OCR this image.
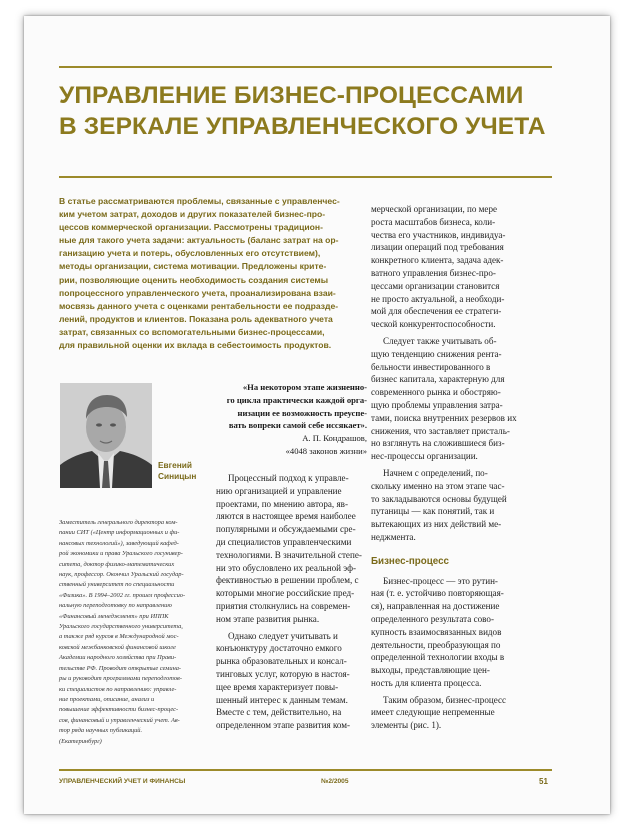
УПРАВЛЕНИЕ БИЗНЕС-ПРОЦЕССАМИ
В ЗЕРКАЛЕ УПРАВЛЕНЧЕСКОГО УЧЕТА
В статье рассматриваются проблемы, связанные с управленчес-
ким учетом затрат, доходов и других показателей бизнес-про-
цессов коммерческой организации. Рассмотрены традицион-
ные для такого учета задачи: актуальность (баланс затрат на ор-
ганизацию учета и потерь, обусловленных его отсутствием),
методы организации, система мотивации. Предложены крите-
рии, позволяющие оценить необходимость создания системы
попроцессного управленческого учета, проанализирована взаи-
мосвязь данного учета с оценками рентабельности ее подразде-
лений, продуктов и клиентов. Показана роль адекватного учета
затрат, связанных со вспомогательными бизнес-процессами,
для правильной оценки их вклада в себестоимость продуктов.
Евгений
Синицын
Заместитель генерального директора ком-
пании СИТ («Центр информационных и фи-
нансовых технологий»), заведующий кафед-
рой экономики и права Уральского госунивер-
ситета, доктор физико-математических
наук, профессор. Окончил Уральский государ-
ственный университет по специальности
«Физика». В 1994–2002 гг. прошел профессио-
нальную переподготовку по направлению
«Финансовый менеджмент» при ИППК
Уральского государственного университета,
а также ряд курсов в Международной мос-
ковской межбанковской финансовой школе
Академии народного хозяйства при Прави-
тельстве РФ. Проводит открытые семина-
ры и руководит программами переподготов-
ки специалистов по направлению: управле-
ние проектами, описание, анализ и
повышение эффективности бизнес-процес-
сов, финансовый и управленческий учет. Ав-
тор ряда научных публикаций.
(Екатеринбург)
«На некотором этапе жизненно-
го цикла практически каждой орга-
низации ее возможность преуспе-
вать вопреки самой себе иссякает».
А. П. Кондрашов,
«4048 законов жизни»
Процессный подход к управле-
нию организацией и управление
проектами, по мнению автора, яв-
ляются в настоящее время наиболее
популярными и обсуждаемыми сре-
ди специалистов управленческими
технологиями. В значительной степе-
ни это обусловлено их реальной эф-
фективностью в решении проблем, с
которыми многие российские пред-
приятия столкнулись на современ-
ном этапе развития рынка.
Однако следует учитывать и
конъюнктуру достаточно емкого
рынка образовательных и консал-
тинговых услуг, которую в настоя-
щее время характеризует повы-
шенный интерес к данным темам.
Вместе с тем, действительно, на
определенном этапе развития ком-
мерческой организации, по мере
роста масштабов бизнеса, коли-
чества его участников, индивидуа-
лизации операций под требования
конкретного клиента, задача адек-
ватного управления бизнес-про-
цессами организации становится
не просто актуальной, а необходи-
мой для обеспечения ее стратеги-
ческой конкурентоспособности.
Следует также учитывать об-
щую тенденцию снижения рента-
бельности инвестированного в
бизнес капитала, характерную для
современного рынка и обостряю-
щую проблемы управления затра-
тами, поиска внутренних резервов их
снижения, что заставляет присталь-
но взглянуть на сложившиеся биз-
нес-процессы организации.
Начнем с определений, по-
скольку именно на этом этапе час-
то закладываются основы будущей
путаницы — как понятий, так и
вытекающих из них действий ме-
неджмента.
Бизнес-процесс
Бизнес-процесс — это рутин-
ная (т. е. устойчиво повторяющая-
ся), направленная на достижение
определенного результата сово-
купность взаимосвязанных видов
деятельности, преобразующая по
определенной технологии входы в
выходы, представляющие цен-
ность для клиента процесса.
Таким образом, бизнес-процесс
имеет следующие непременные
элементы (рис. 1).
УПРАВЛЕНЧЕСКИЙ УЧЕТ И ФИНАНСЫ	№2/2005	51
